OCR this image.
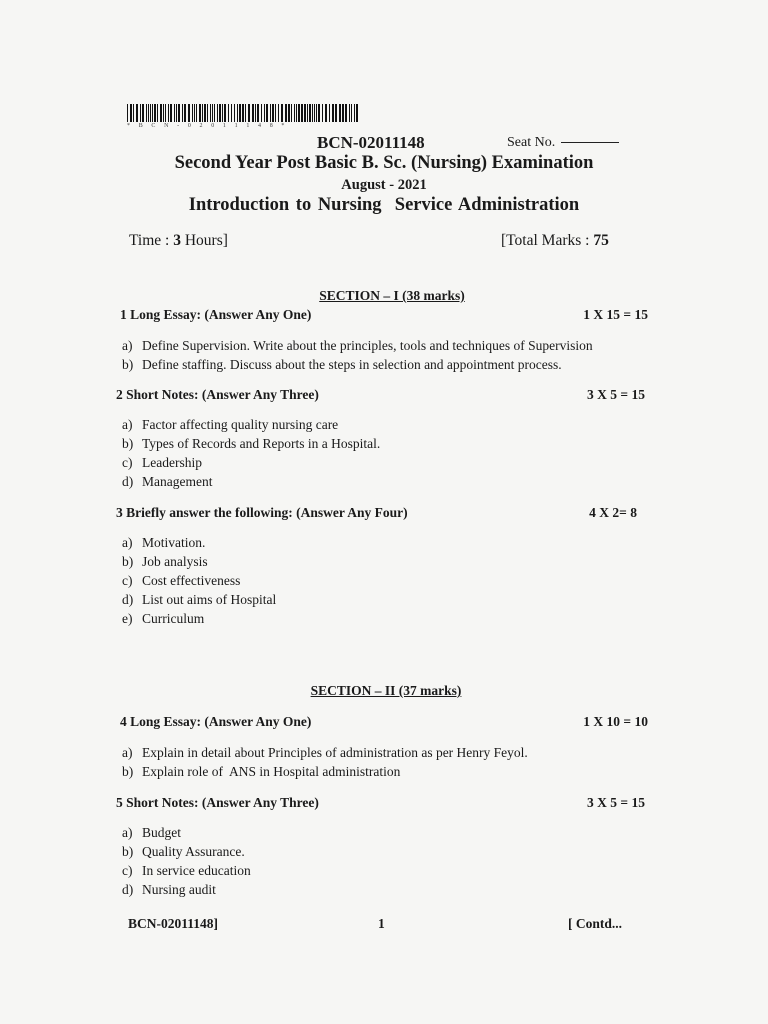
* B C N - 0 2 0 1 1 1 4 8 *
BCN-02011148	Seat No.
Second Year Post Basic B. Sc. (Nursing) Examination
August - 2021
Introduction to Nursing  Service Administration
Time : 3 Hours]	[Total Marks : 75
SECTION – I (38 marks)
1 Long Essay: (Answer Any One)	1 X 15 = 15
a) Define Supervision. Write about the principles, tools and techniques of Supervision
b) Define staffing. Discuss about the steps in selection and appointment process.
2 Short Notes: (Answer Any Three)	3 X 5 = 15
a) Factor affecting quality nursing care
b) Types of Records and Reports in a Hospital.
c) Leadership
d) Management
3 Briefly answer the following: (Answer Any Four)	4 X 2= 8
a) Motivation.
b) Job analysis
c) Cost effectiveness
d) List out aims of Hospital
e) Curriculum
SECTION – II (37 marks)
4 Long Essay: (Answer Any One)	1 X 10 = 10
a) Explain in detail about Principles of administration as per Henry Feyol.
b) Explain role of  ANS in Hospital administration
5 Short Notes: (Answer Any Three)	3 X 5 = 15
a) Budget
b) Quality Assurance.
c) In service education
d) Nursing audit
BCN-02011148]	1	[ Contd...
